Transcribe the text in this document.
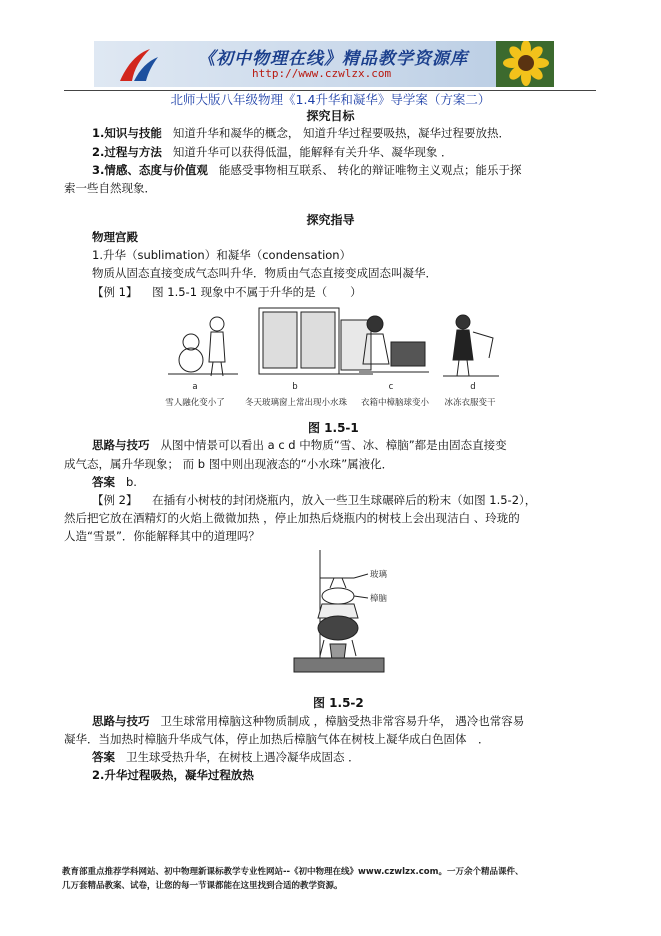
《初中物理在线》精品教学资源库
http://www.czwlzx.com
北师大版八年级物理《1.4升华和凝华》导学案（方案二）
探究目标
1.知识与技能 知道升华和凝华的概念， 知道升华过程要吸热，凝华过程要放热．
2.过程与方法 知道升华可以获得低温，能解释有关升华、凝华现象 ．
3.情感、态度与价值观 能感受事物相互联系、 转化的辩证唯物主义观点；能乐于探
索一些自然现象．
探究指导
物理宫殿
1.升华（sublimation）和凝华（condensation）
物质从固态直接变成气态叫升华．物质由气态直接变成固态叫凝华．
【例 1】 图 1.5-1 现象中不属于升华的是（　　）
a	b	c	d
雪人融化变小了	冬天玻璃窗上常出现小水珠	衣箱中樟脑球变小	冰冻衣服变干
图 1.5-1
思路与技巧 从图中情景可以看出 a c d 中物质“雪、冰、樟脑”都是由固态直接变
成气态，属升华现象； 而 b 图中则出现液态的“小水珠”属液化．
答案 b.
【例 2】 在插有小树枝的封闭烧瓶内，放入一些卫生球碾碎后的粉末（如图 1.5-2），
然后把它放在酒精灯的火焰上微微加热 ，停止加热后烧瓶内的树枝上会出现洁白 、玲珑的
人造“雪景”．你能解释其中的道理吗？
玻璃
樟脑
图 1.5-2
思路与技巧 卫生球常用樟脑这种物质制成 ，樟脑受热非常容易升华， 遇冷也常容易
凝华．当加热时樟脑升华成气体，停止加热后樟脑气体在树枝上凝华成白色固体　．
答案 卫生球受热升华，在树枝上遇冷凝华成固态 ．
2.升华过程吸热，凝华过程放热
教育部重点推荐学科网站、初中物理新课标教学专业性网站--《初中物理在线》www.czwlzx.com。一万余个精品课件、
几万套精品教案、试卷，让您的每一节课都能在这里找到合适的教学资源。
